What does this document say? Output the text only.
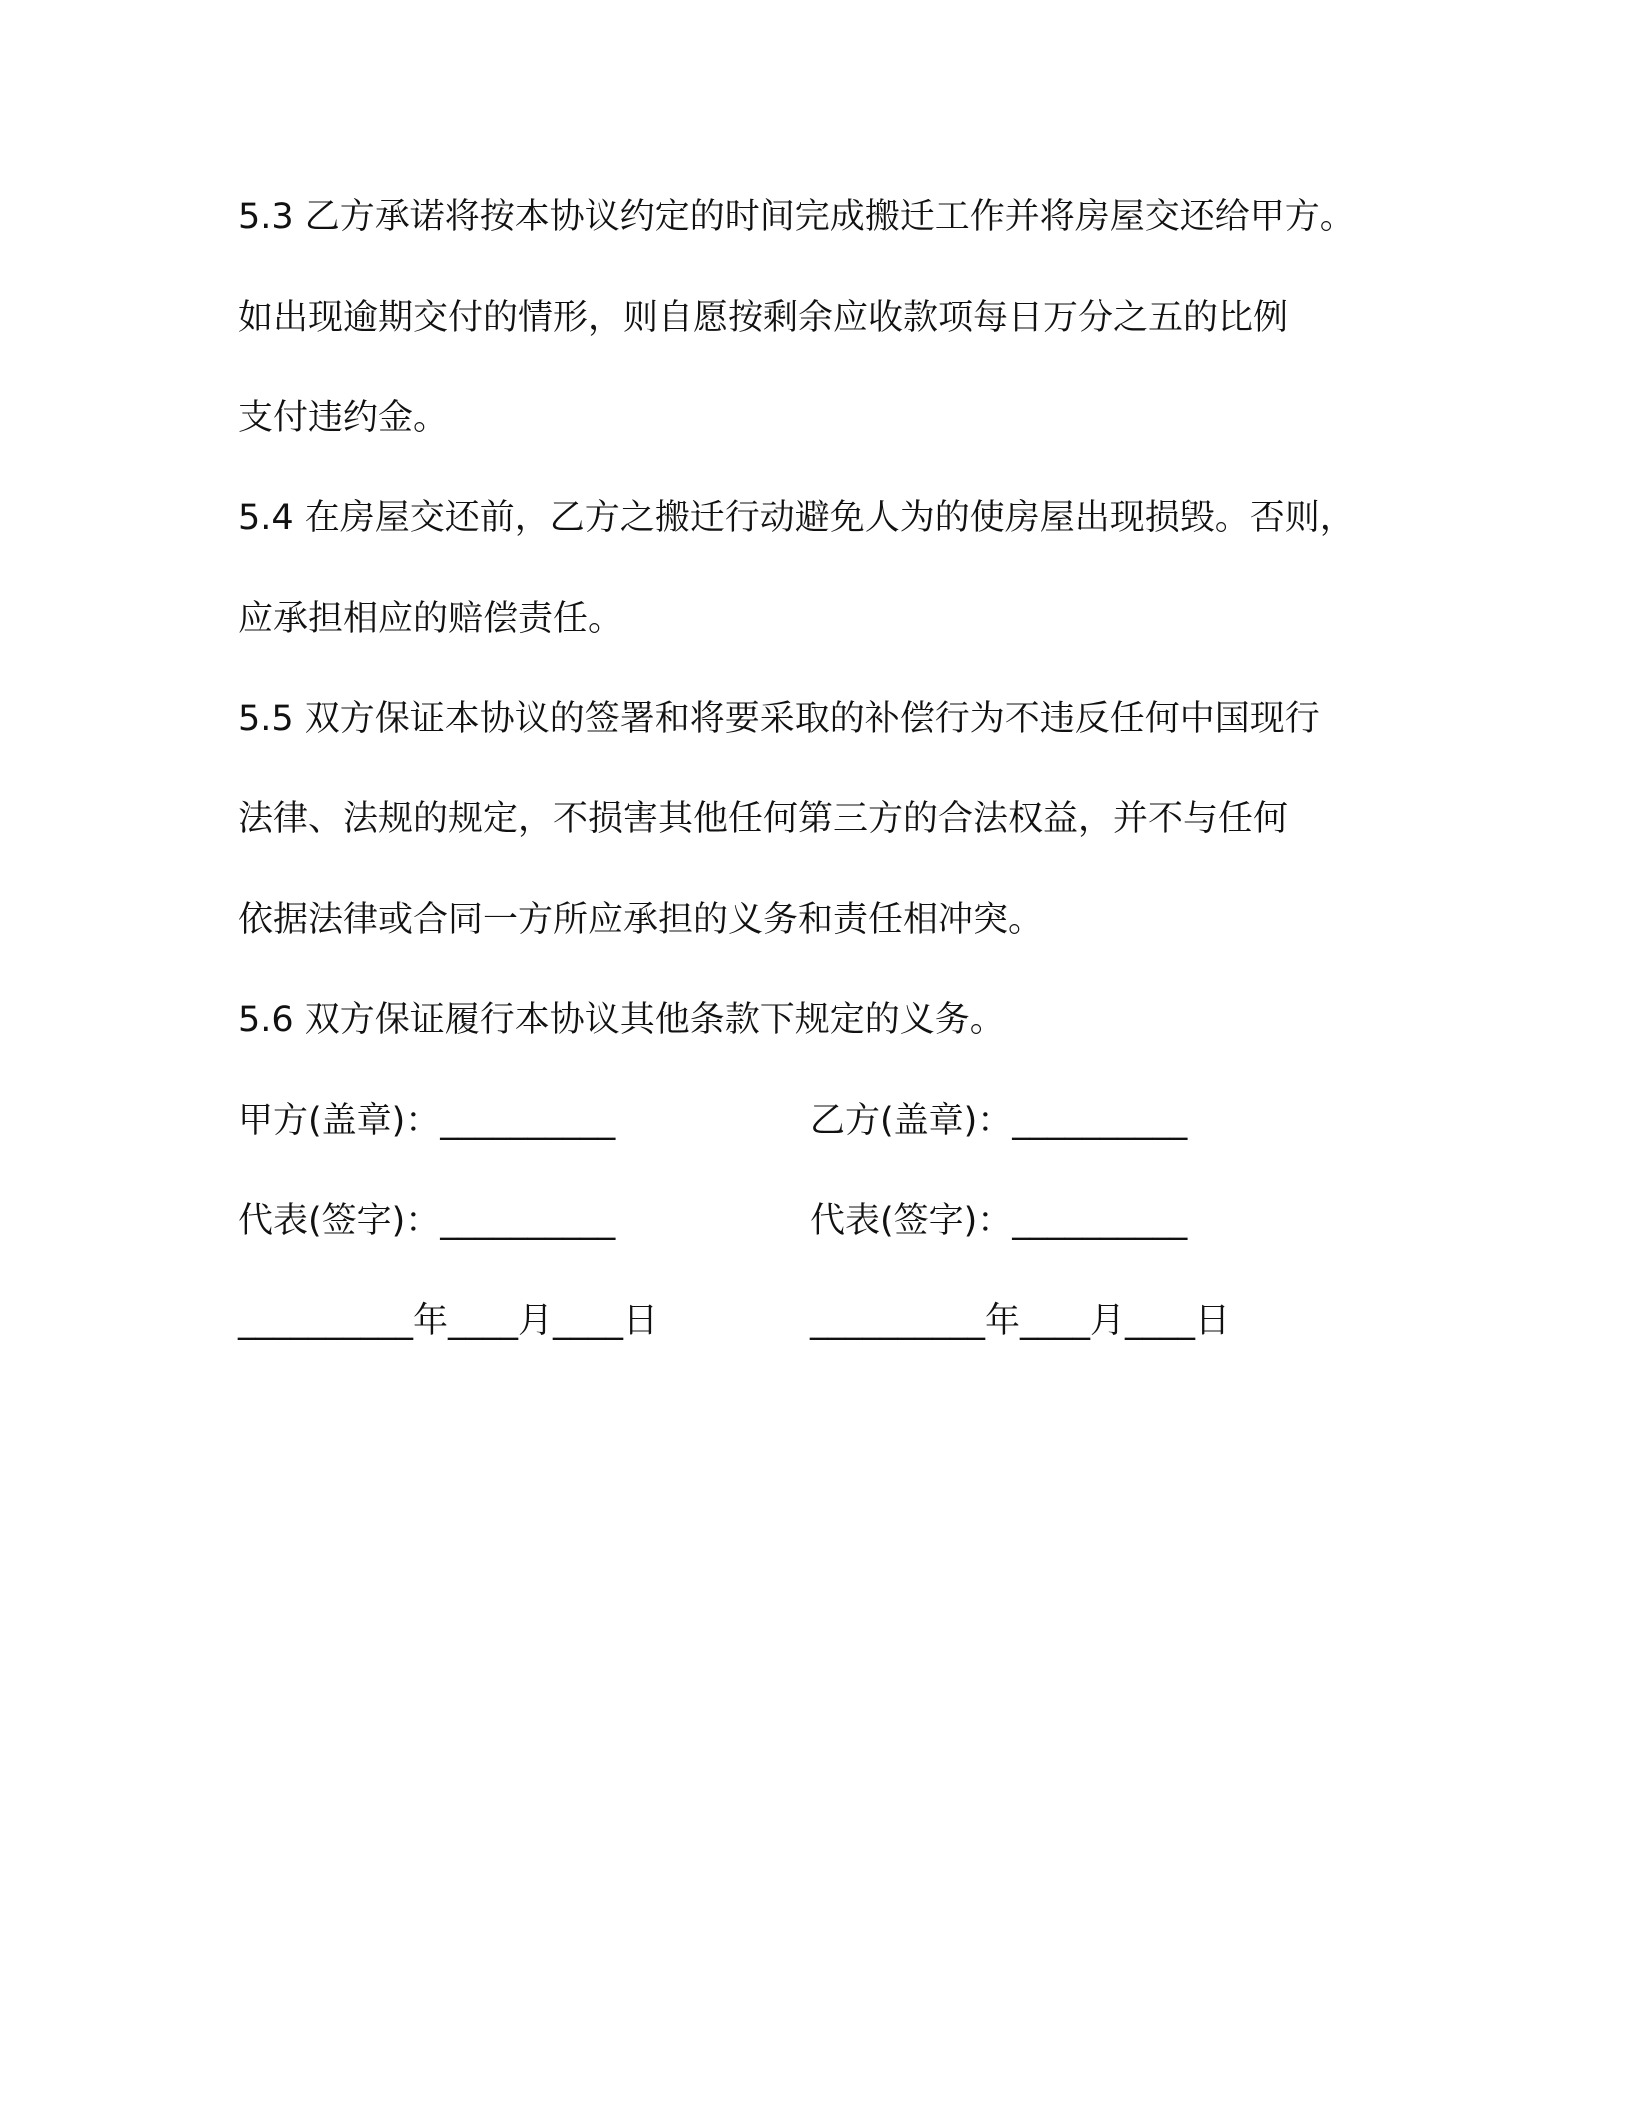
5.3 乙方承诺将按本协议约定的时间完成搬迁工作并将房屋交还给甲方。
如出现逾期交付的情形，则自愿按剩余应收款项每日万分之五的比例
支付违约金。
5.4 在房屋交还前，乙方之搬迁行动避免人为的使房屋出现损毁。否则，
应承担相应的赔偿责任。
5.5 双方保证本协议的签署和将要采取的补偿行为不违反任何中国现行
法律、法规的规定，不损害其他任何第三方的合法权益，并不与任何
依据法律或合同一方所应承担的义务和责任相冲突。
5.6 双方保证履行本协议其他条款下规定的义务。
甲方(盖章)：__________	乙方(盖章)：__________
代表(签字)：__________	代表(签字)：__________
__________年____月____日	__________年____月____日
